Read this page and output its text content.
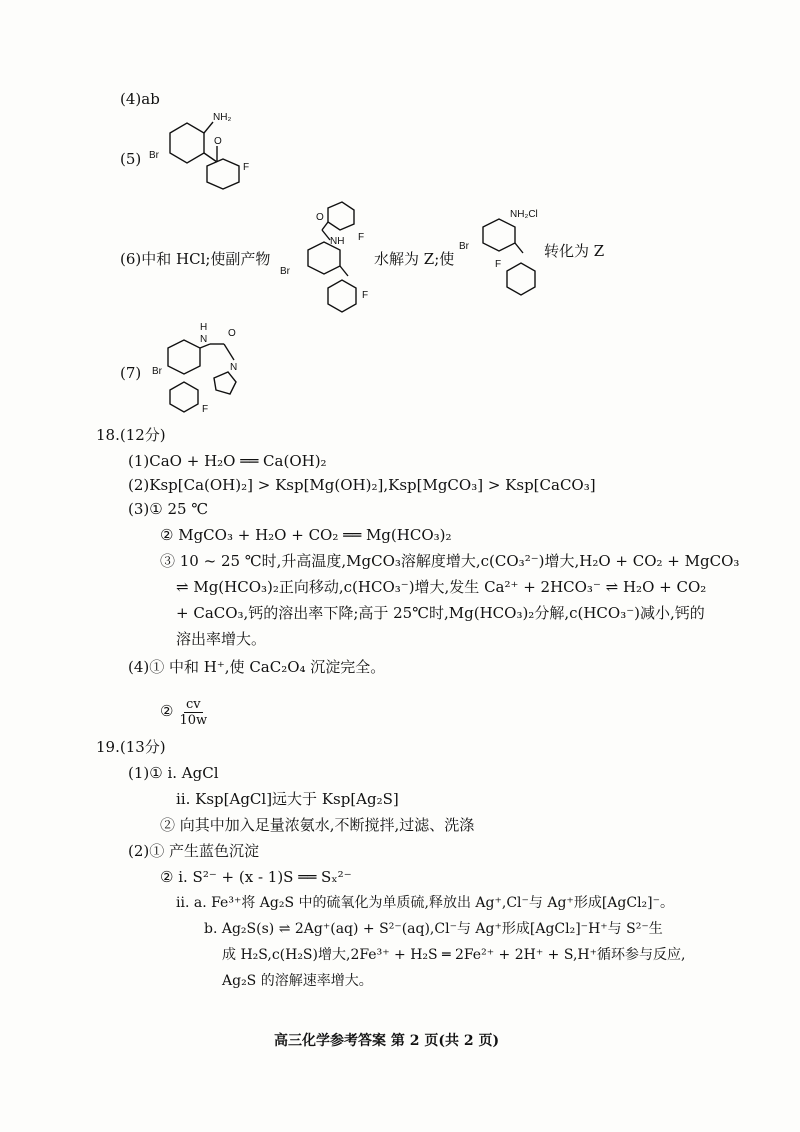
(4)ab
(5)
NH₂
Br
O
F
(6)中和 HCl;使副产物
O
NH F
Br
F
水解为 Z;使
NH₂Cl
Br
F
转化为 Z
(7)
H
N
O
N
Br
F
18.(12分)
(1)CaO + H₂O ══ Ca(OH)₂
(2)Ksp[Ca(OH)₂] > Ksp[Mg(OH)₂],Ksp[MgCO₃] > Ksp[CaCO₃]
(3)① 25 ℃
② MgCO₃ + H₂O + CO₂ ══ Mg(HCO₃)₂
③ 10 ~ 25 ℃时,升高温度,MgCO₃溶解度增大,c(CO₃²⁻)增大,H₂O + CO₂ + MgCO₃
⇌ Mg(HCO₃)₂正向移动,c(HCO₃⁻)增大,发生 Ca²⁺ + 2HCO₃⁻ ⇌ H₂O + CO₂
+ CaCO₃,钙的溶出率下降;高于 25℃时,Mg(HCO₃)₂分解,c(HCO₃⁻)减小,钙的
溶出率增大。
(4)① 中和 H⁺,使 CaC₂O₄ 沉淀完全。
② $\frac{cv}{10w}$
19.(13分)
(1)① ⅰ. AgCl
ⅱ. Ksp[AgCl]远大于 Ksp[Ag₂S]
② 向其中加入足量浓氨水,不断搅拌,过滤、洗涤
(2)① 产生蓝色沉淀
② ⅰ. S²⁻ + (x - 1)S ══ Sₓ²⁻
ⅱ. a. Fe³⁺将 Ag₂S 中的硫氧化为单质硫,释放出 Ag⁺,Cl⁻与 Ag⁺形成[AgCl₂]⁻。
b. Ag₂S(s) ⇌ 2Ag⁺(aq) + S²⁻(aq),Cl⁻与 Ag⁺形成[AgCl₂]⁻H⁺与 S²⁻生
成 H₂S,c(H₂S)增大,2Fe³⁺ + H₂S ═ 2Fe²⁺ + 2H⁺ + S,H⁺循环参与反应,
Ag₂S 的溶解速率增大。
高三化学参考答案 第 2 页(共 2 页)
